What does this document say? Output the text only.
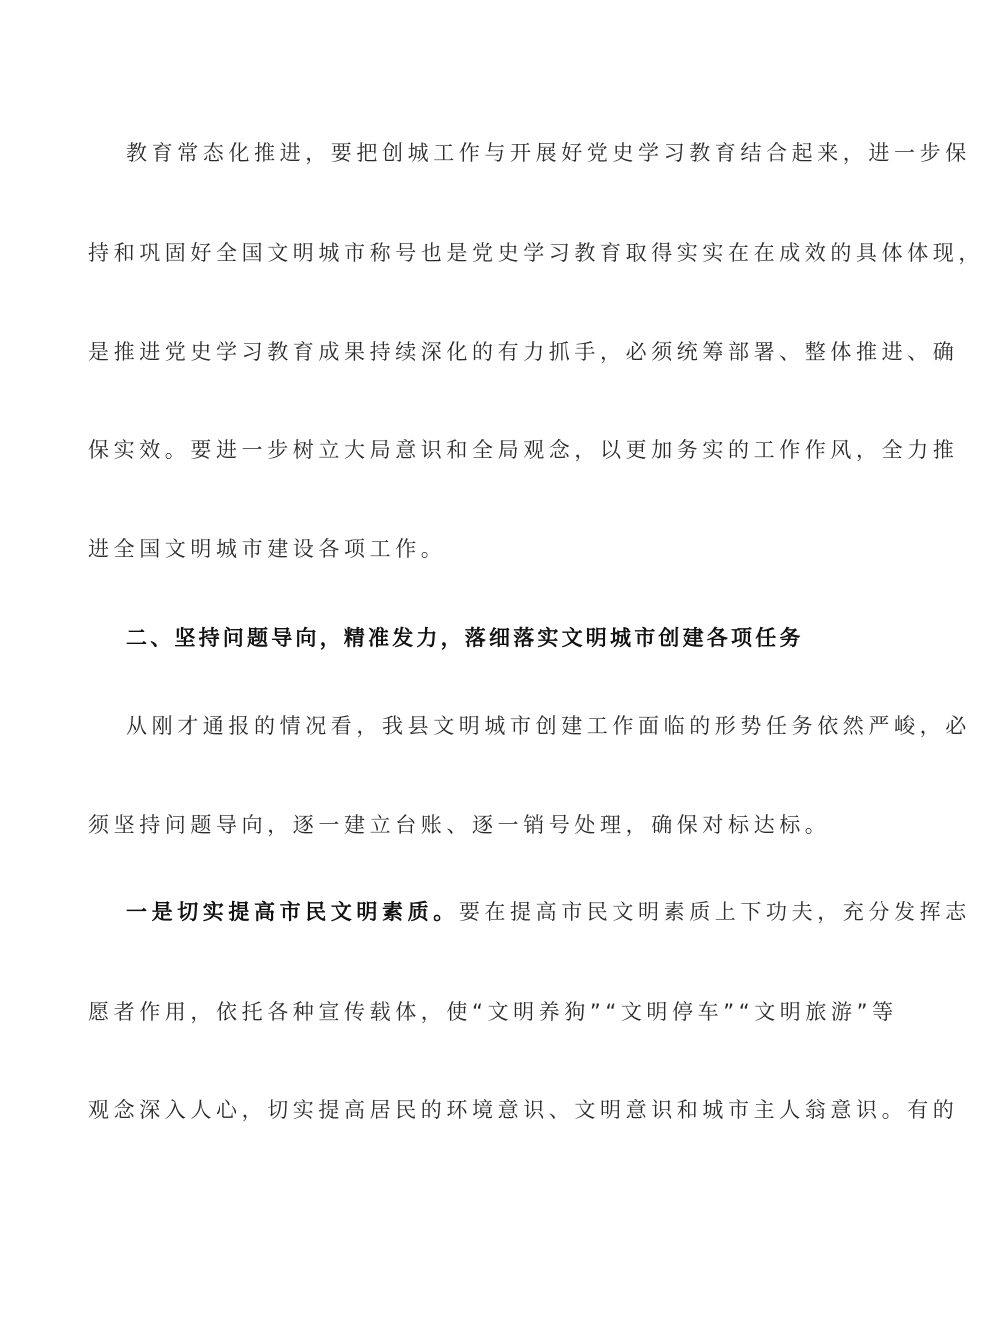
教育常态化推进，要把创城工作与开展好党史学习教育结合起来，进一步保
持和巩固好全国文明城市称号也是党史学习教育取得实实在在成效的具体体现，
是推进党史学习教育成果持续深化的有力抓手，必须统筹部署、整体推进、确
保实效。要进一步树立大局意识和全局观念，以更加务实的工作作风，全力推
进全国文明城市建设各项工作。
二、坚持问题导向，精准发力，落细落实文明城市创建各项任务
从刚才通报的情况看，我县文明城市创建工作面临的形势任务依然严峻，必
须坚持问题导向，逐一建立台账、逐一销号处理，确保对标达标。
一是切实提高市民文明素质。要在提高市民文明素质上下功夫，充分发挥志
愿者作用，依托各种宣传载体，使“文明养狗”“文明停车”“文明旅游”等
观念深入人心，切实提高居民的环境意识、文明意识和城市主人翁意识。有的
